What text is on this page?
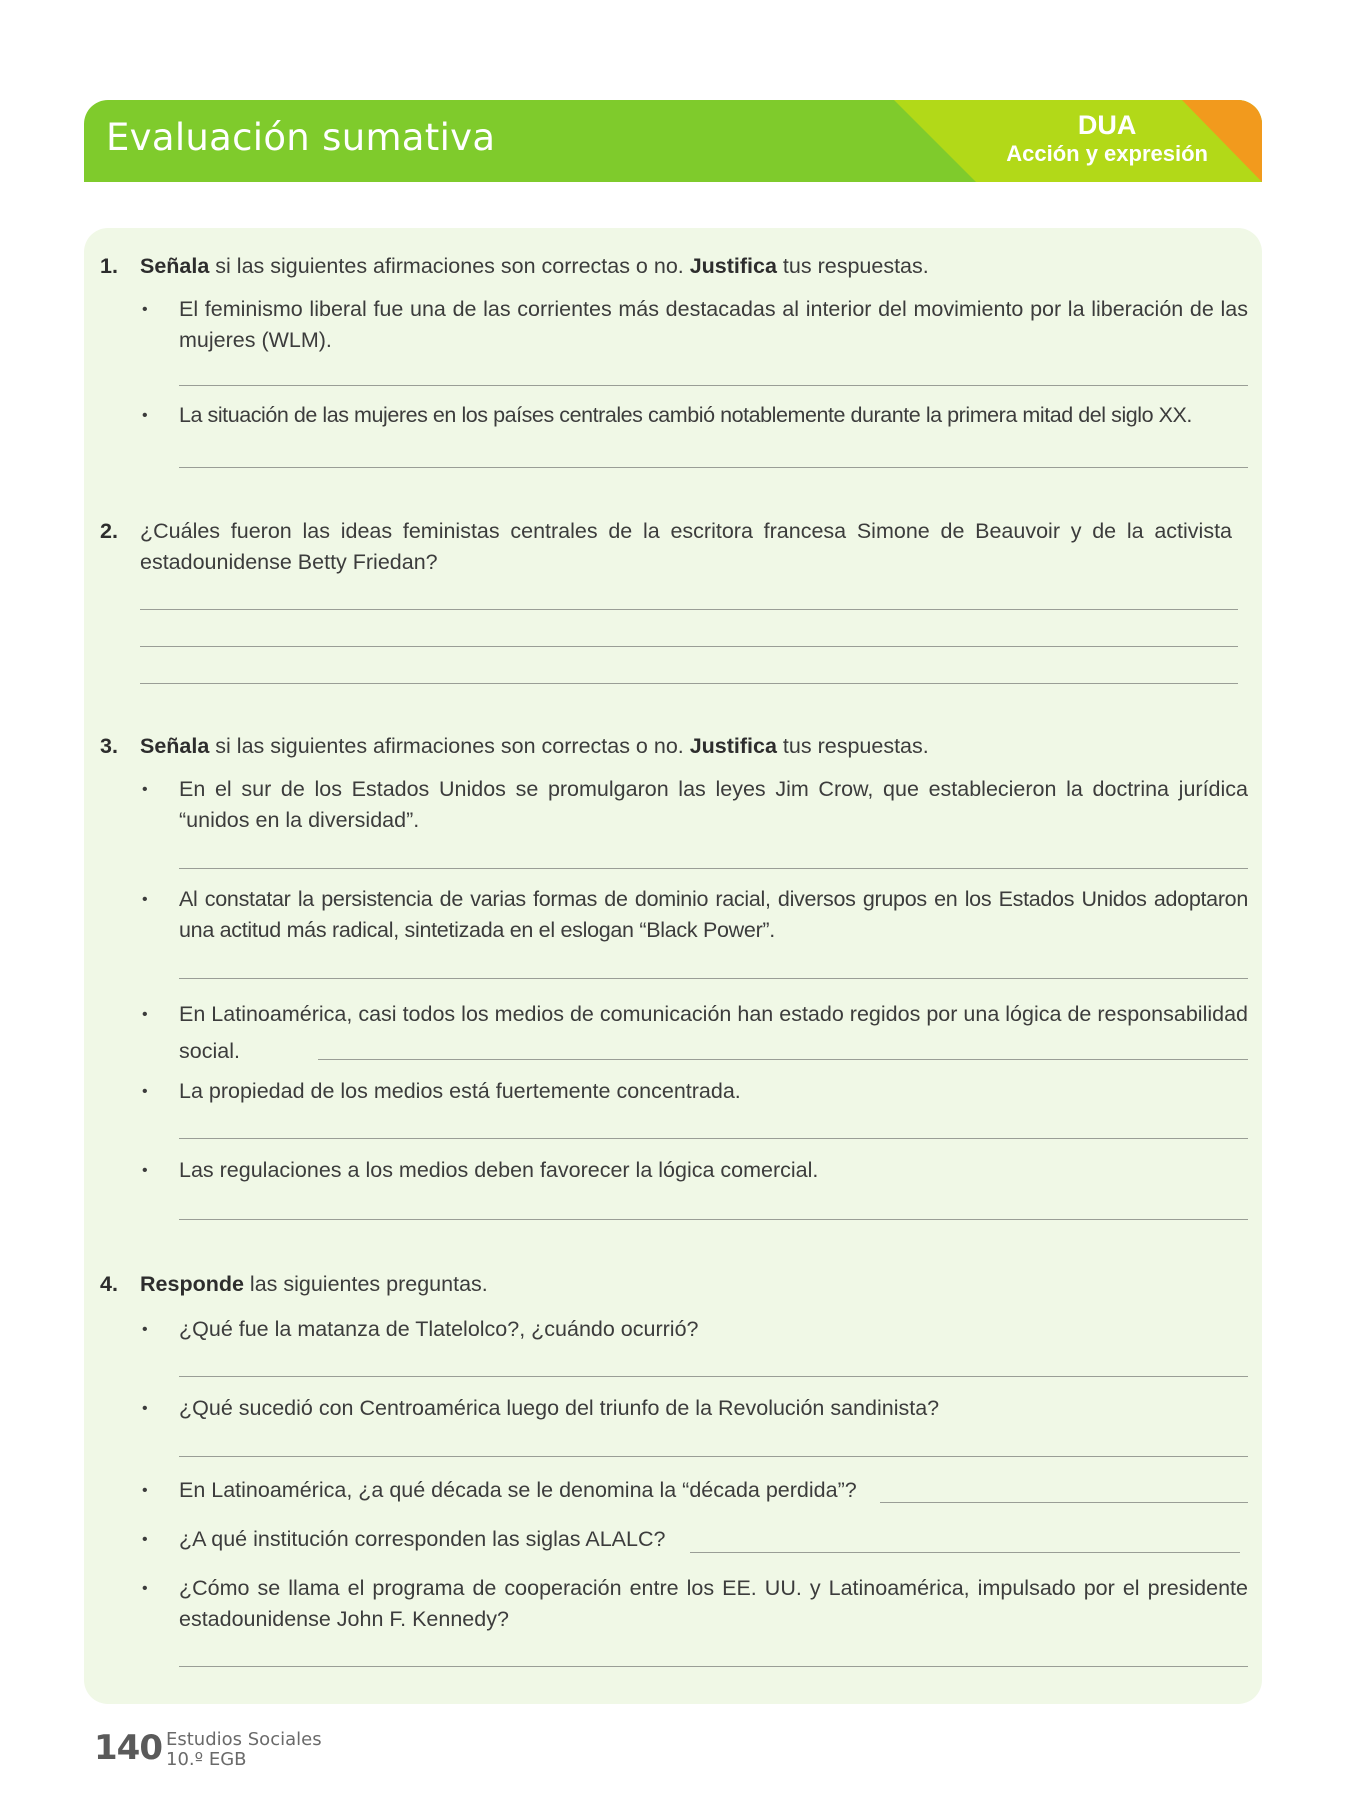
Evaluación sumativa	DUA
Acción y expresión
1. Señala si las siguientes afirmaciones son correctas o no. Justifica tus respuestas.
• El feminismo liberal fue una de las corrientes más destacadas al interior del movimiento por la liberación de las mujeres (WLM).
• La situación de las mujeres en los países centrales cambió notablemente durante la primera mitad del siglo XX.
2. ¿Cuáles fueron las ideas feministas centrales de la escritora francesa Simone de Beauvoir y de la activista estadounidense Betty Friedan?
3. Señala si las siguientes afirmaciones son correctas o no. Justifica tus respuestas.
• En el sur de los Estados Unidos se promulgaron las leyes Jim Crow, que establecieron la doctrina jurídica “unidos en la diversidad”.
• Al constatar la persistencia de varias formas de dominio racial, diversos grupos en los Estados Unidos adoptaron una actitud más radical, sintetizada en el eslogan “Black Power”.
• En Latinoamérica, casi todos los medios de comunicación han estado regidos por una lógica de responsabilidad social.
• La propiedad de los medios está fuertemente concentrada.
• Las regulaciones a los medios deben favorecer la lógica comercial.
4. Responde las siguientes preguntas.
• ¿Qué fue la matanza de Tlatelolco?, ¿cuándo ocurrió?
• ¿Qué sucedió con Centroamérica luego del triunfo de la Revolución sandinista?
• En Latinoamérica, ¿a qué década se le denomina la “década perdida”?
• ¿A qué institución corresponden las siglas ALALC?
• ¿Cómo se llama el programa de cooperación entre los EE. UU. y Latinoamérica, impulsado por el presidente estadounidense John F. Kennedy?
140 Estudios Sociales
10.º EGB
